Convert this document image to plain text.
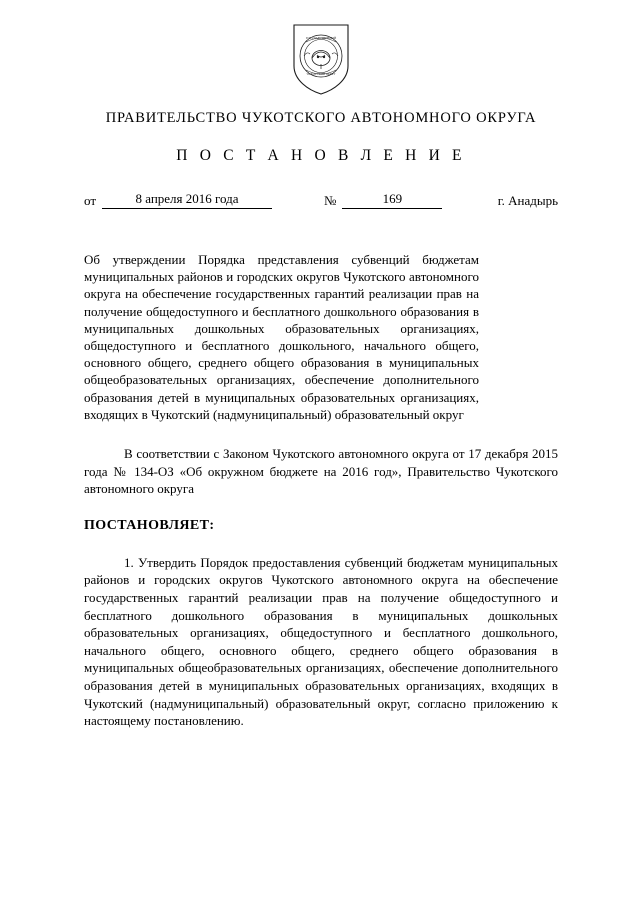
ГОСУДАРСТВЕННЫЙ
ЧУКОТСКИЙ ОКРУГ
ПРАВИТЕЛЬСТВО ЧУКОТСКОГО АВТОНОМНОГО ОКРУГА
П О С Т А Н О В Л Е Н И Е
от	8 апреля 2016 года	№	169	г. Анадырь
Об утверждении Порядка представления субвенций бюджетам муниципальных районов и городских округов Чукотского автономного округа на обеспечение государственных гарантий реализации прав на получение общедоступного и бесплатного дошкольного образования в муниципальных дошкольных образовательных организациях, общедоступного и бесплатного дошкольного, начального общего, основного общего, среднего общего образования в муниципальных общеобразовательных организациях, обеспечение дополнительного образования детей в муниципальных образовательных организациях, входящих в Чукотский (надмуниципальный) образовательный округ
В соответствии с Законом Чукотского автономного округа от 17 декабря 2015 года № 134-ОЗ «Об окружном бюджете на 2016 год», Правительство Чукотского автономного округа
ПОСТАНОВЛЯЕТ:
1. Утвердить Порядок предоставления субвенций бюджетам муниципальных районов и городских округов Чукотского автономного округа на обеспечение государственных гарантий реализации прав на получение общедоступного и бесплатного дошкольного образования в муниципальных дошкольных образовательных организациях, общедоступного и бесплатного дошкольного, начального общего, основного общего, среднего общего образования в муниципальных общеобразовательных организациях, обеспечение дополнительного образования детей в муниципальных образовательных организациях, входящих в Чукотский (надмуниципальный) образовательный округ, согласно приложению к настоящему постановлению.
